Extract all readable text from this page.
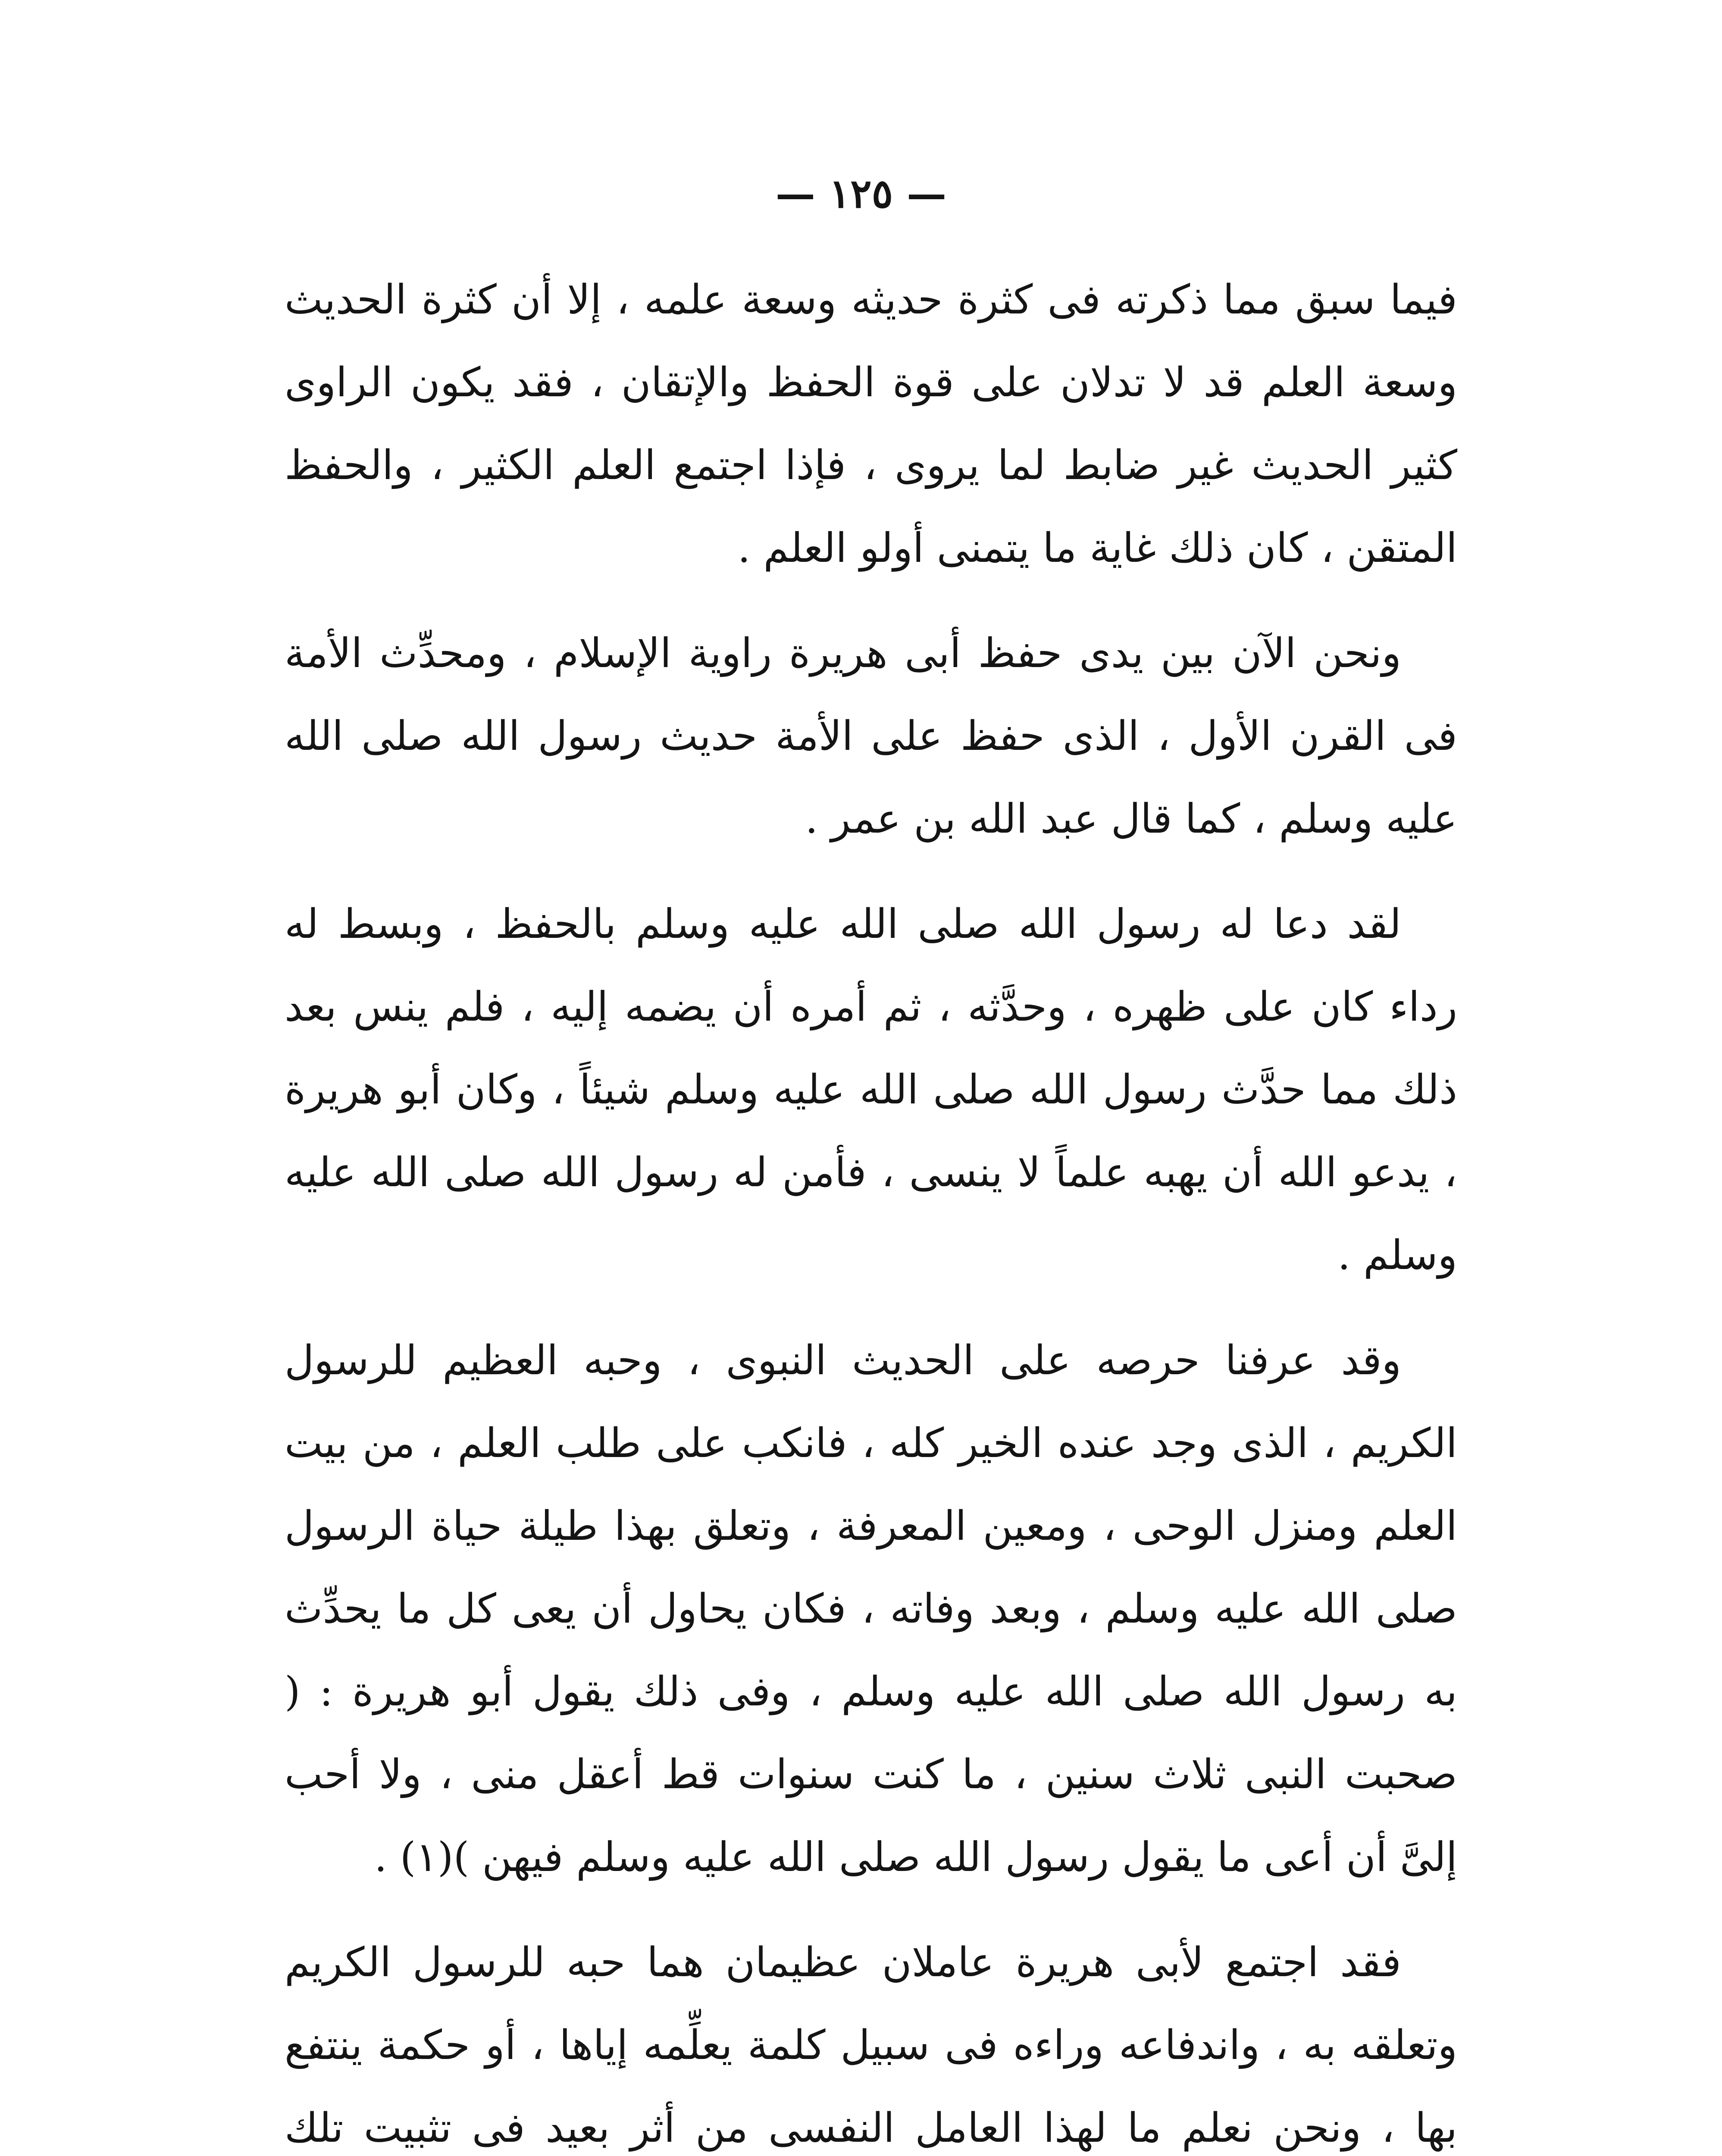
— ١٢٥ —

فيما سبق مما ذكرته فى كثرة حديثه وسعة علمه ، إلا أن كثرة الحديث وسعة العلم قد لا تدلان على قوة الحفظ والإتقان ، فقد يكون الراوى كثير الحديث غير ضابط لما يروى ، فإذا اجتمع العلم الكثير ، والحفظ المتقن ، كان ذلك غاية ما يتمنى أولو العلم .

ونحن الآن بين يدى حفظ أبى هريرة راوية الإسلام ، ومحدِّث الأمة فى القرن الأول ، الذى حفظ على الأمة حديث رسول الله صلى الله عليه وسلم ، كما قال عبد الله بن عمر .

لقد دعا له رسول الله صلى الله عليه وسلم بالحفظ ، وبسط له رداء كان على ظهره ، وحدَّثه ، ثم أمره أن يضمه إليه ، فلم ينس بعد ذلك مما حدَّث رسول الله صلى الله عليه وسلم شيئاً ، وكان أبو هريرة ، يدعو الله أن يهبه علماً لا ينسى ، فأمن له رسول الله صلى الله عليه وسلم .

وقد عرفنا حرصه على الحديث النبوى ، وحبه العظيم للرسول الكريم ، الذى وجد عنده الخير كله ، فانكب على طلب العلم ، من بيت العلم ومنزل الوحى ، ومعين المعرفة ، وتعلق بهذا طيلة حياة الرسول صلى الله عليه وسلم ، وبعد وفاته ، فكان يحاول أن يعى كل ما يحدِّث به رسول الله صلى الله عليه وسلم ، وفى ذلك يقول أبو هريرة : ( صحبت النبى ثلاث سنين ، ما كنت سنوات قط أعقل منى ، ولا أحب إلىَّ أن أعى ما يقول رسول الله صلى الله عليه وسلم فيهن )(١) .

فقد اجتمع لأبى هريرة عاملان عظيمان هما حبه للرسول الكريم وتعلقه به ، واندفاعه وراءه فى سبيل كلمة يعلِّمه إياها ، أو حكمة ينتفع بها ، ونحن نعلم ما لهذا العامل النفسى من أثر بعيد فى تثبيت تلك
